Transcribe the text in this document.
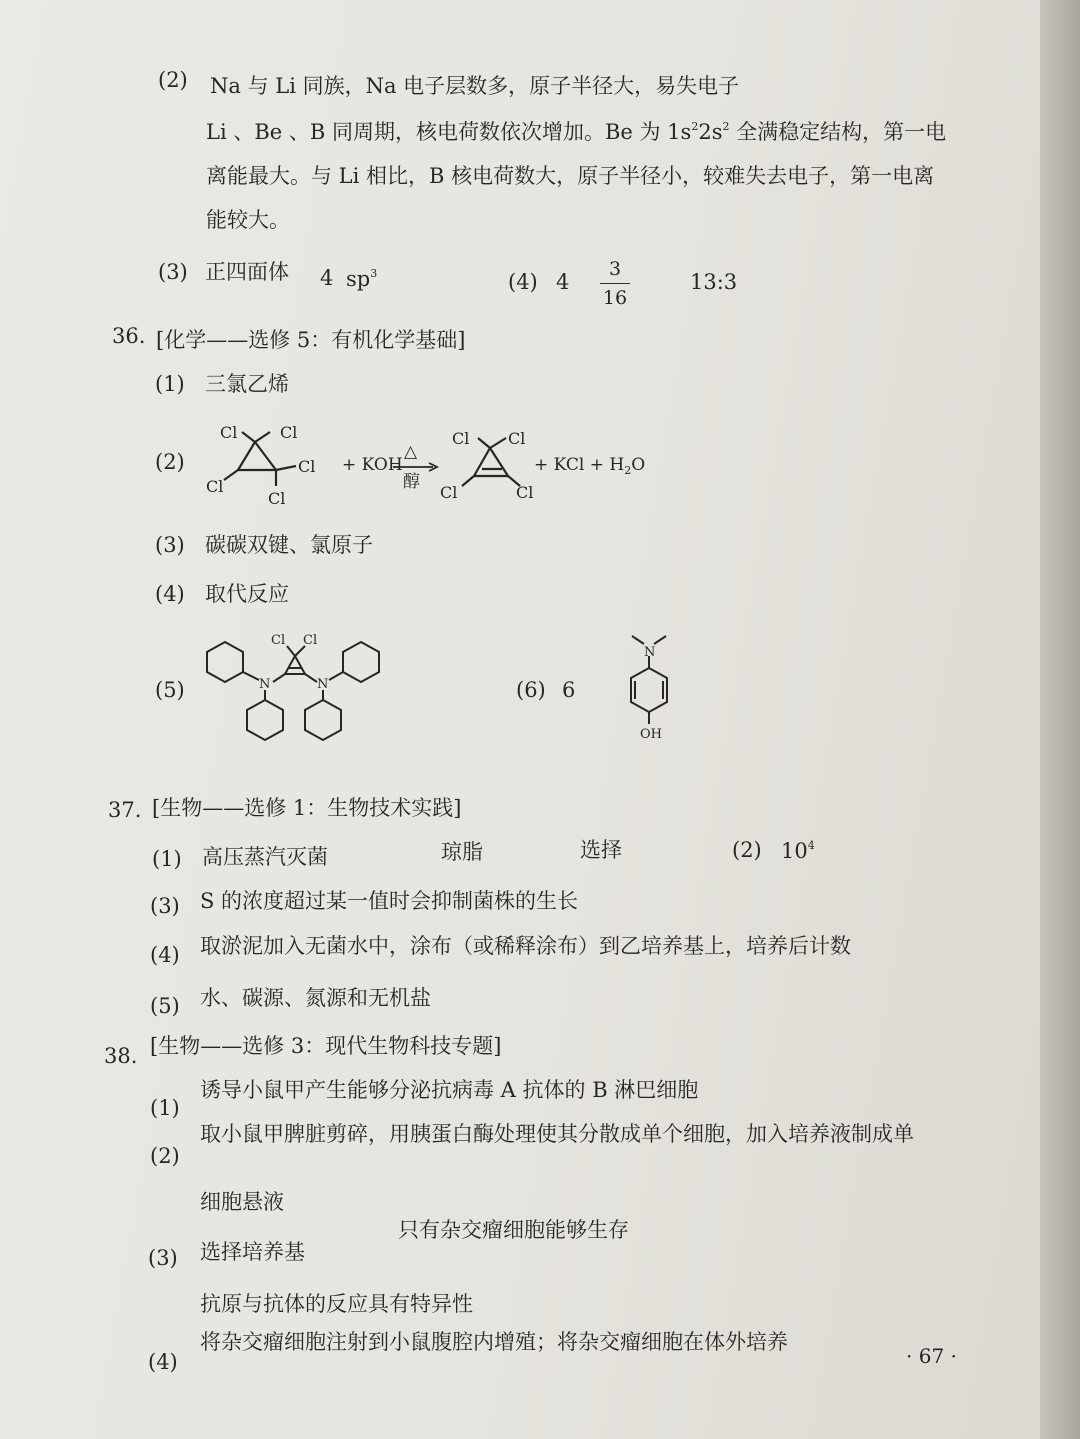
(2) Na 与 Li 同族，Na 电子层数多，原子半径大，易失电子
Li 、Be 、B 同周期，核电荷数依次增加。Be 为 $1s^22s^2$ 全满稳定结构，第一电
离能最大。与 Li 相比，B 核电荷数大，原子半径小，较难失去电子，第一电离
能较大。
(3) 正四面体 4 $sp^3$	(4) 4
3
16
13:3
36. [化学——选修 5：有机化学基础]
(1) 三氯乙烯
(2)
Cl	Cl
Cl
Cl
Cl
+ KOH
△
醇
Cl Cl
Cl	Cl
+ KCl + $H_2O$
(3) 碳碳双键、氯原子
(4) 取代反应
(5)	N	N
Cl Cl
(6) 6
N
OH
37. [生物——选修 1：生物技术实践]
(1) 高压蒸汽灭菌	琼脂	选择	(2) $10^4$
(3) S 的浓度超过某一值时会抑制菌株的生长
(4) 取淤泥加入无菌水中，涂布（或稀释涂布）到乙培养基上，培养后计数
(5) 水、碳源、氮源和无机盐
38. [生物——选修 3：现代生物科技专题]
(1)
诱导小鼠甲产生能够分泌抗病毒 A 抗体的 B 淋巴细胞
(2)
取小鼠甲脾脏剪碎，用胰蛋白酶处理使其分散成单个细胞，加入培养液制成单
细胞悬液
(3) 选择培养基
只有杂交瘤细胞能够生存
抗原与抗体的反应具有特异性
(4)
将杂交瘤细胞注射到小鼠腹腔内增殖；将杂交瘤细胞在体外培养
· 67 ·
